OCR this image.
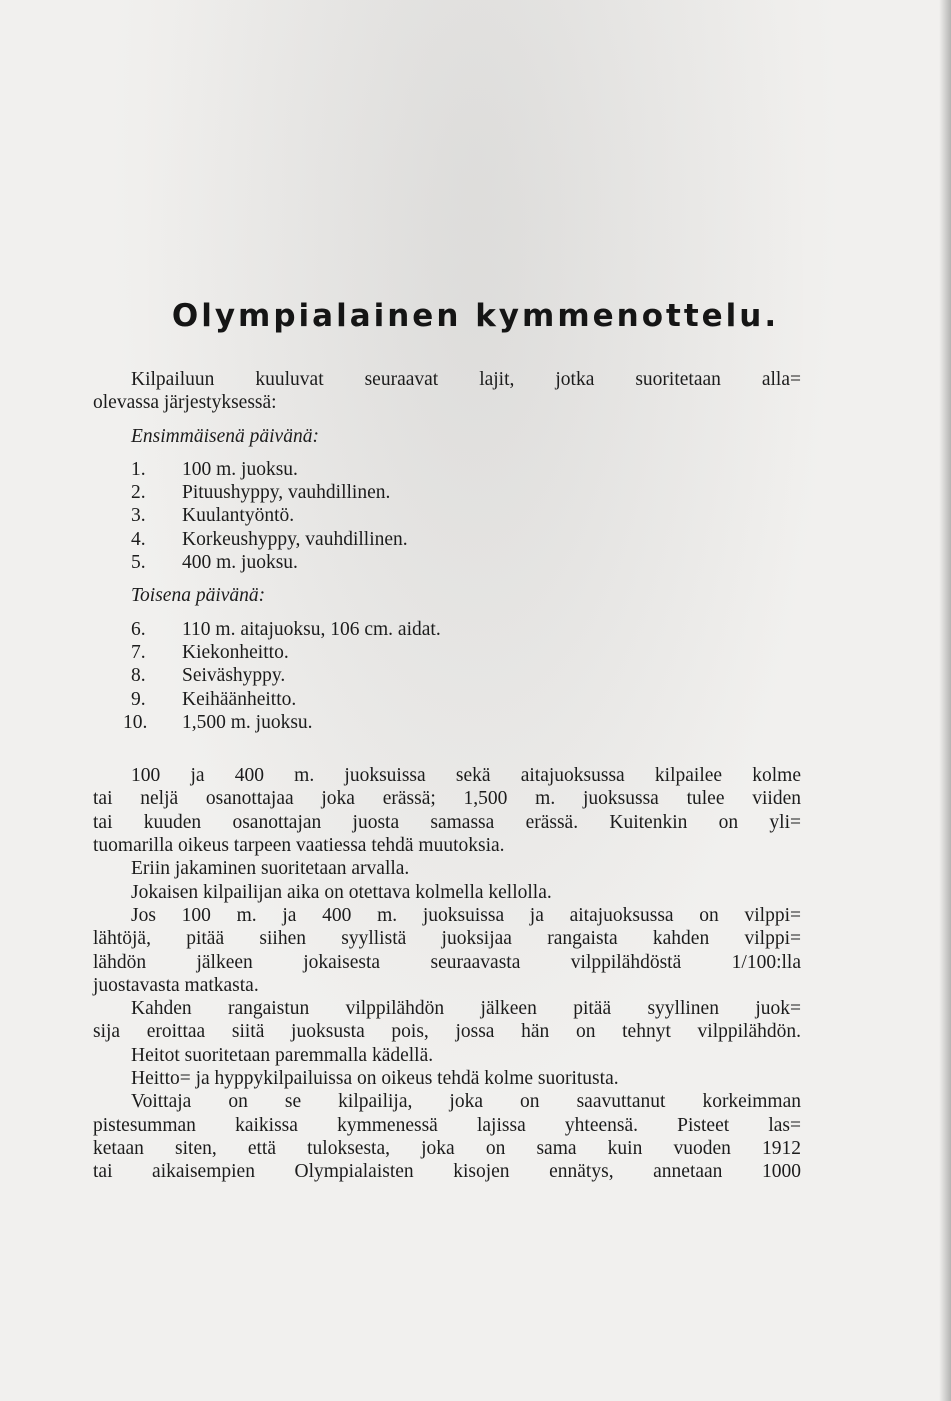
Olympialainen kymmenottelu.
Kilpailuun kuuluvat seuraavat lajit, jotka suoritetaan alla=
olevassa järjestyksessä:
Ensimmäisenä päivänä:
1. 100 m. juoksu.
2. Pituushyppy, vauhdillinen.
3. Kuulantyöntö.
4. Korkeushyppy, vauhdillinen.
5. 400 m. juoksu.
Toisena päivänä:
6. 110 m. aitajuoksu, 106 cm. aidat.
7. Kiekonheitto.
8. Seiväshyppy.
9. Keihäänheitto.
10. 1,500 m. juoksu.
100 ja 400 m. juoksuissa sekä aitajuoksussa kilpailee kolme
tai neljä osanottajaa joka erässä; 1,500 m. juoksussa tulee viiden
tai kuuden osanottajan juosta samassa erässä. Kuitenkin on yli=
tuomarilla oikeus tarpeen vaatiessa tehdä muutoksia.
Eriin jakaminen suoritetaan arvalla.
Jokaisen kilpailijan aika on otettava kolmella kellolla.
Jos 100 m. ja 400 m. juoksuissa ja aitajuoksussa on vilppi=
lähtöjä, pitää siihen syyllistä juoksijaa rangaista kahden vilppi=
lähdön jälkeen jokaisesta seuraavasta vilppilähdöstä 1/100:lla
juostavasta matkasta.
Kahden rangaistun vilppilähdön jälkeen pitää syyllinen juok=
sija eroittaa siitä juoksusta pois, jossa hän on tehnyt vilppilähdön.
Heitot suoritetaan paremmalla kädellä.
Heitto= ja hyppykilpailuissa on oikeus tehdä kolme suoritusta.
Voittaja on se kilpailija, joka on saavuttanut korkeimman
pistesumman kaikissa kymmenessä lajissa yhteensä. Pisteet las=
ketaan siten, että tuloksesta, joka on sama kuin vuoden 1912
tai aikaisempien Olympialaisten kisojen ennätys, annetaan 1000
